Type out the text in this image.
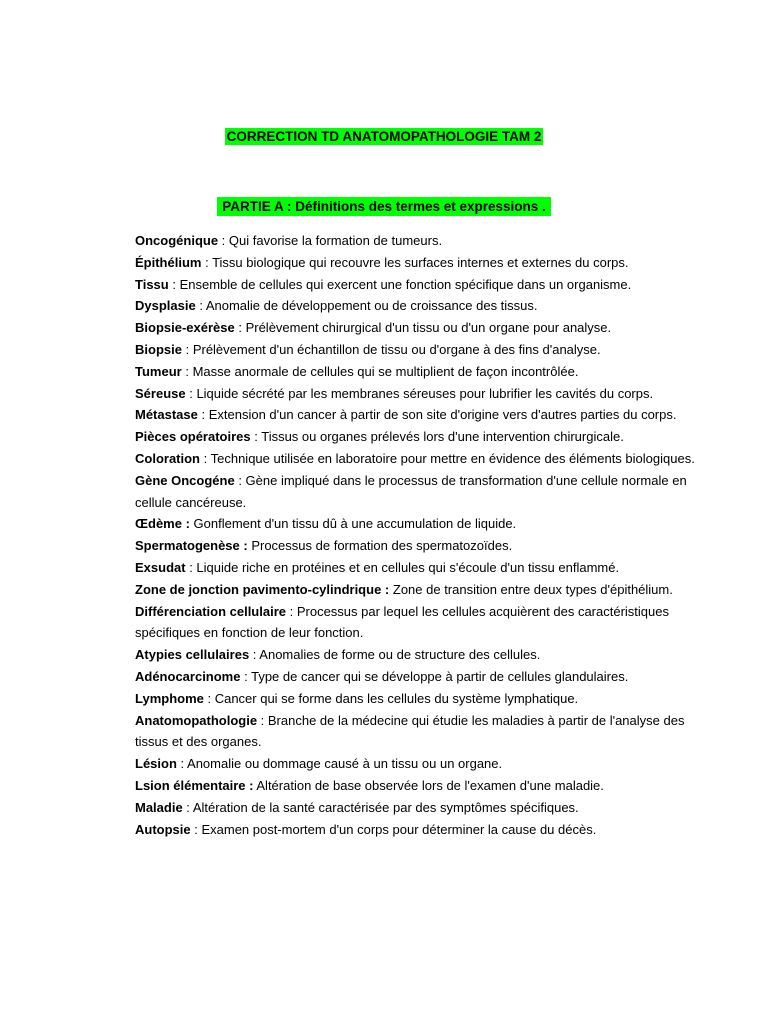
CORRECTION TD ANATOMOPATHOLOGIE TAM 2
PARTIE A : Définitions des termes et expressions .

Oncogénique : Qui favorise la formation de tumeurs.

Épithélium : Tissu biologique qui recouvre les surfaces internes et externes du corps.

Tissu : Ensemble de cellules qui exercent une fonction spécifique dans un organisme.

Dysplasie : Anomalie de développement ou de croissance des tissus.

Biopsie-exérèse : Prélèvement chirurgical d'un tissu ou d'un organe pour analyse.

Biopsie : Prélèvement d'un échantillon de tissu ou d'organe à des fins d'analyse.

Tumeur : Masse anormale de cellules qui se multiplient de façon incontrôlée.

Séreuse : Liquide sécrété par les membranes séreuses pour lubrifier les cavités du corps.

Métastase : Extension d'un cancer à partir de son site d'origine vers d'autres parties du corps.

Pièces opératoires : Tissus ou organes prélevés lors d'une intervention chirurgicale.

Coloration : Technique utilisée en laboratoire pour mettre en évidence des éléments biologiques.

Gène Oncogéne : Gène impliqué dans le processus de transformation d'une cellule normale en cellule cancéreuse.

Œdème : Gonflement d'un tissu dû à une accumulation de liquide.

Spermatogenèse : Processus de formation des spermatozoïdes.

Exsudat : Liquide riche en protéines et en cellules qui s'écoule d'un tissu enflammé.

Zone de jonction pavimento-cylindrique : Zone de transition entre deux types d'épithélium.

Différenciation cellulaire : Processus par lequel les cellules acquièrent des caractéristiques spécifiques en fonction de leur fonction.

Atypies cellulaires : Anomalies de forme ou de structure des cellules.

Adénocarcinome : Type de cancer qui se développe à partir de cellules glandulaires.

Lymphome : Cancer qui se forme dans les cellules du système lymphatique.

Anatomopathologie : Branche de la médecine qui étudie les maladies à partir de l'analyse des tissus et des organes.

Lésion : Anomalie ou dommage causé à un tissu ou un organe.

Lsion élémentaire : Altération de base observée lors de l'examen d'une maladie.

Maladie : Altération de la santé caractérisée par des symptômes spécifiques.

Autopsie : Examen post-mortem d'un corps pour déterminer la cause du décès.
